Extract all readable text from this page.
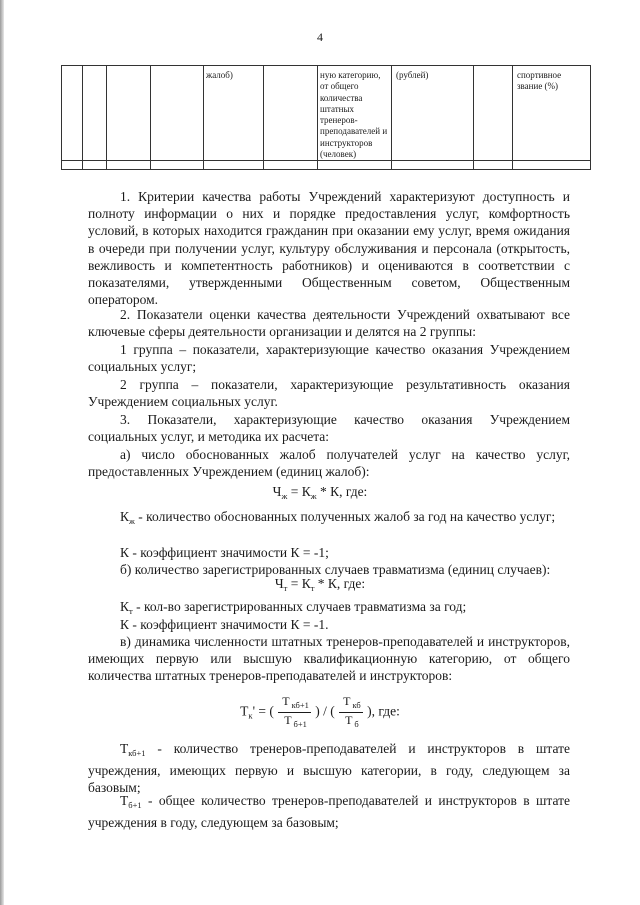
4
жалоб)	ную категорию, от общего количества штатных тренеров-преподавателей и инструкторов (человек)
(рублей)	спортивное звание (%)

1. Критерии качества работы Учреждений характеризуют доступность и полноту информации о них и порядке предоставления услуг, комфортность условий, в которых находится гражданин при оказании ему услуг, время ожидания в очереди при получении услуг, культуру обслуживания и персонала (открытость, вежливость и компетентность работников) и оцениваются в соответствии с показателями, утвержденными Общественным советом, Общественным оператором.

2. Показатели оценки качества деятельности Учреждений охватывают все ключевые сферы деятельности организации и делятся на 2 группы:

1 группа – показатели, характеризующие качество оказания Учреждением социальных услуг;

2 группа – показатели, характеризующие результативность оказания Учреждением социальных услуг.

3. Показатели, характеризующие качество оказания Учреждением социальных услуг, и методика их расчета:

а) число обоснованных жалоб получателей услуг на качество услуг, предоставленных Учреждением (единиц жалоб):

$Ч_ж = К_ж * К$, где:

$К_ж$ - количество обоснованных полученных жалоб за год на качество услуг;

К - коэффициент значимости К = -1;

б) количество зарегистрированных случаев травматизма (единиц случаев):

$Ч_т = К_т * К$, где:

$К_т - кол-во$ зарегистрированных случаев травматизма за год;

К - коэффициент значимости К = -1.

в) динамика численности штатных тренеров-преподавателей и инструкторов, имеющих первую или высшую квалификационную категорию, от общего количества штатных тренеров-преподавателей и инструкторов:

$Т_к'$ = ( $\frac{Т _{кб+1}}{Т _{б+1}}$ ) / ( $\frac{Т _{кб}}{Т _б}$ ), где:

$Т_{кб+1}$ - количество тренеров-преподавателей и инструкторов в штате учреждения, имеющих первую и высшую категории, в году, следующем за базовым;

$Т_{б+1}$ - общее количество тренеров-преподавателей и инструкторов в штате учреждения в году, следующем за базовым;
